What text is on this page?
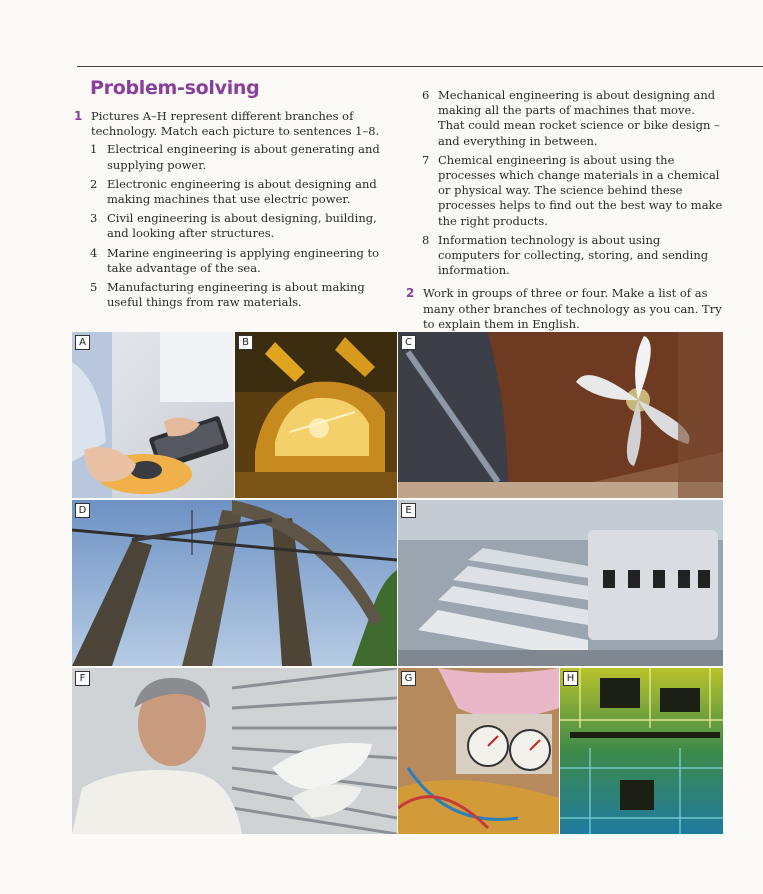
Problem-solving
1 Pictures A–H represent different branches of technology. Match each picture to sentences 1–8.
1 Electrical engineering is about generating and supplying power.
2 Electronic engineering is about designing and making machines that use electric power.
3 Civil engineering is about designing, building, and looking after structures.
4 Marine engineering is applying engineering to take advantage of the sea.
5 Manufacturing engineering is about making useful things from raw materials.
6 Mechanical engineering is about designing and making all the parts of machines that move. That could mean rocket science or bike design – and everything in between.
7 Chemical engineering is about using the processes which change materials in a chemical or physical way. The science behind these processes helps to find out the best way to make the right products.
8 Information technology is about using computers for collecting, storing, and sending information.
2 Work in groups of three or four. Make a list of as many other branches of technology as you can. Try to explain them in English.
A	B	C
D	E
F	G	H
